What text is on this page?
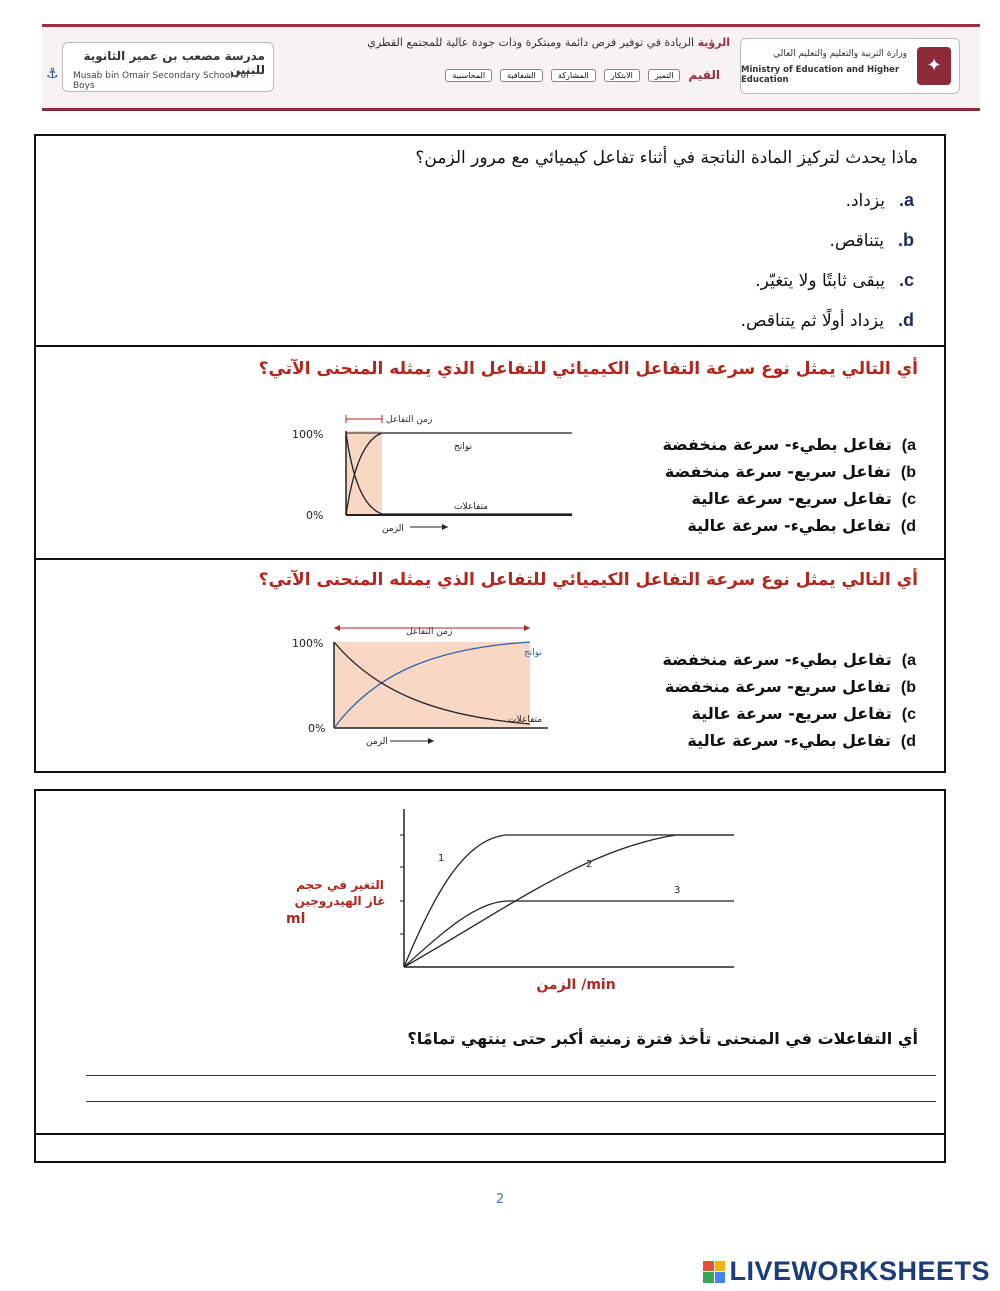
⚓
مدرسة مصعب بن عمير الثانوية للبنين
Musab bin Omair Secondary School For Boys
الرؤية الريادة في توفير فرص دائمة ومبتكرة وذات جودة عالية للمجتمع القطري
القيم
التميز
الابتكار
المشاركة
الشفافية
المحاسبية	✦
وزارة التربية والتعليم والتعليم العالي
Ministry of Education and Higher Education
ماذا يحدث لتركيز المادة الناتجة في أثناء تفاعل كيميائي مع مرور الزمن؟
a.يزداد.
b.يتناقص.
c.يبقى ثابتًا ولا يتغيّر.
d.يزداد أولًا ثم يتناقص.
أي التالي يمثل نوع سرعة التفاعل الكيميائي للتفاعل الذي يمثله المنحنى الآتي؟
زمن التفاعل
100%
0%
نواتج
متفاعلات
الزمن
a)تفاعل بطيء- سرعة منخفضة
b)تفاعل سريع- سرعة منخفضة
c)تفاعل سريع- سرعة عالية
d)تفاعل بطيء- سرعة عالية
أي التالي يمثل نوع سرعة التفاعل الكيميائي للتفاعل الذي يمثله المنحنى الآتي؟
زمن التفاعل
100%
0%
نواتج
متفاعلات
الزمن
a)تفاعل بطيء- سرعة منخفضة
b)تفاعل سريع- سرعة منخفضة
c)تفاعل سريع- سرعة عالية
d)تفاعل بطيء- سرعة عالية
1
2
3
التغير في حجم
غاز الهيدروجين
ml
الزمن /min
أي التفاعلات في المنحنى تأخذ فترة زمنية أكبر حتى ينتهي تمامًا؟
2
LIVEWORKSHEETS
